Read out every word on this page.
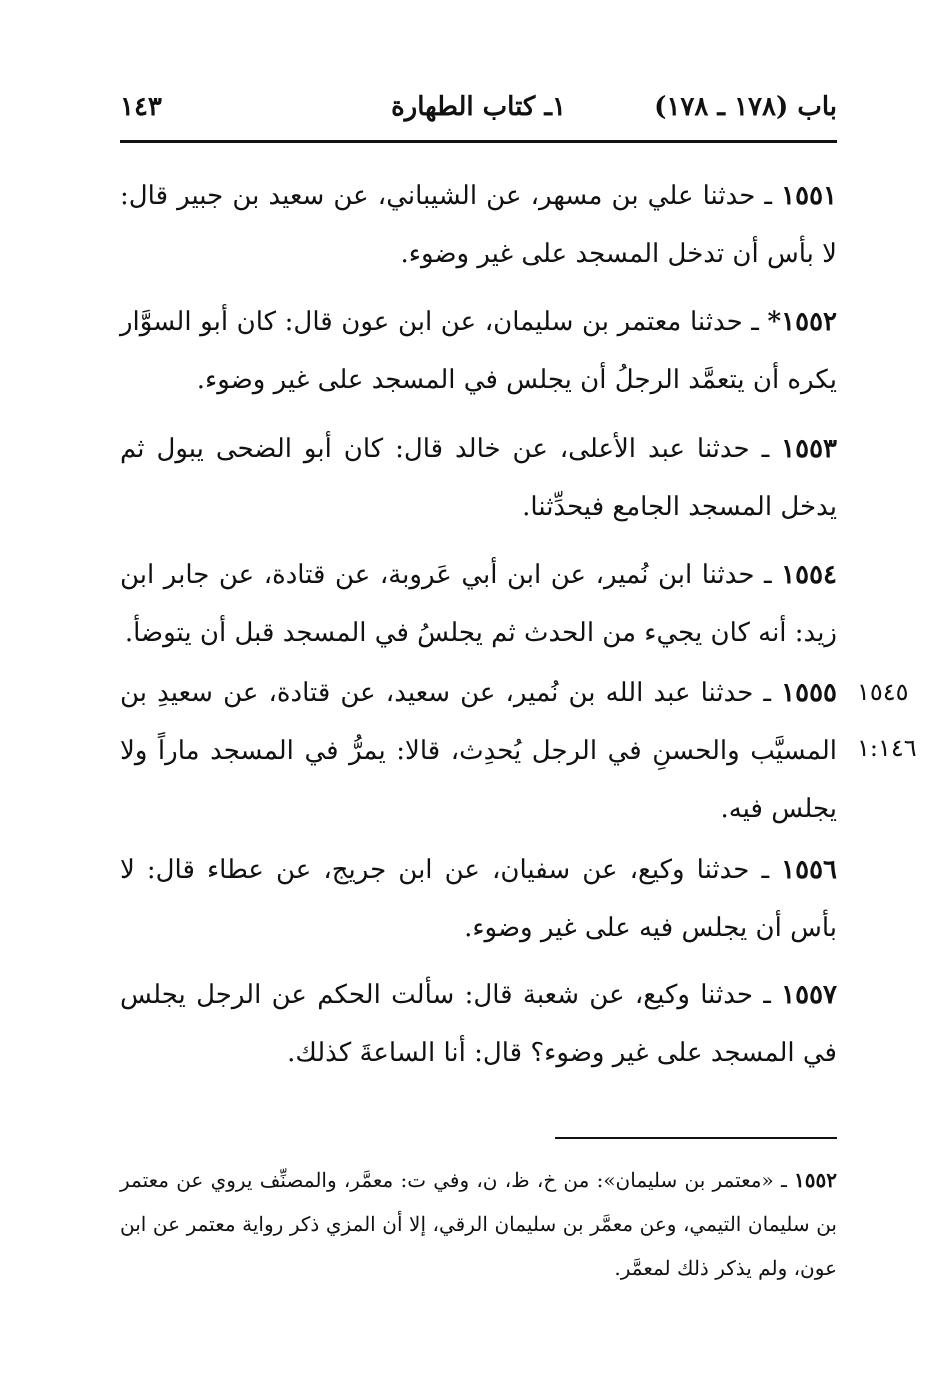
باب (١٧٨ ـ ١٧٨)
١ـ كتاب الطهارة
١٤٣
١٥٥١ ـ حدثنا علي بن مسهر، عن الشيباني، عن سعيد بن جبير قال: لا بأس أن تدخل المسجد على غير وضوء.
١٥٥٢* ـ حدثنا معتمر بن سليمان، عن ابن عون قال: كان أبو السوَّار يكره أن يتعمَّد الرجلُ أن يجلس في المسجد على غير وضوء.
١٥٥٣ ـ حدثنا عبد الأعلى، عن خالد قال: كان أبو الضحى يبول ثم يدخل المسجد الجامع فيحدِّثنا.
١٥٥٤ ـ حدثنا ابن نُمير، عن ابن أبي عَروبة، عن قتادة، عن جابر ابن زيد: أنه كان يجيء من الحدث ثم يجلسُ في المسجد قبل أن يتوضأ.
١٥٥٥ ـ حدثنا عبد الله بن نُمير، عن سعيد، عن قتادة، عن سعيدِ بن المسيَّب والحسنِ في الرجل يُحدِث، قالا: يمرُّ في المسجد ماراً ولا يجلس فيه.
١٥٤٥
١:١٤٦
١٥٥٦ ـ حدثنا وكيع، عن سفيان، عن ابن جريج، عن عطاء قال: لا بأس أن يجلس فيه على غير وضوء.
١٥٥٧ ـ حدثنا وكيع، عن شعبة قال: سألت الحكم عن الرجل يجلس في المسجد على غير وضوء؟ قال: أنا الساعةَ كذلك.
١٥٥٢ ـ «معتمر بن سليمان»: من خ، ظ، ن، وفي ت: معمَّر، والمصنِّف يروي عن معتمر بن سليمان التيمي، وعن معمَّر بن سليمان الرقي، إلا أن المزي ذكر رواية معتمر عن ابن عون، ولم يذكر ذلك لمعمَّر.
